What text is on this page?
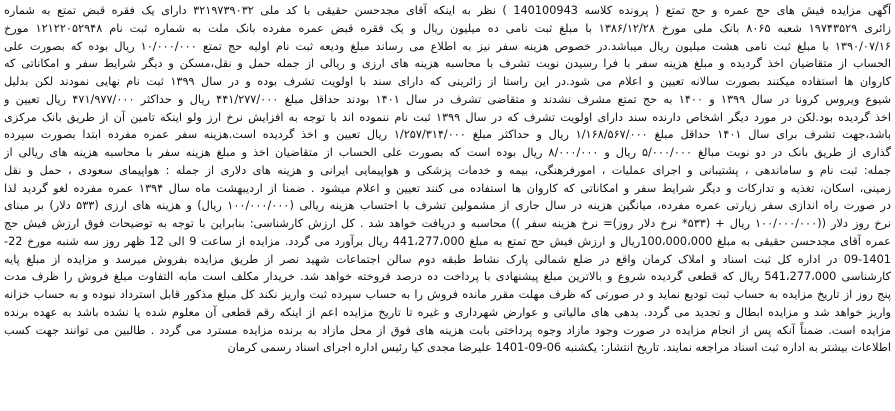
آگهی مزایده فیش های حج عمره و حج تمتع ( پرونده کلاسه 140100943 ) نظر به اینکه آقای مجدحسن حقیقی با کد ملی ۳۲۱۹۷۳۹۰۳۲ دارای یک فقره قبض تمتع به شماره
زائری ۱۹۷۴۳۵۲۹ شعبه ۸۰۶۵ بانک ملی مورخ ۱۳۸۶/۱۲/۲۸ با مبلغ ثبت نامی ده میلیون ریال و یک فقره قبض عمره مفرده بانک ملت به شماره ثبت نام ۱۲۱۲۲۰۵۲۹۴۸ مورخ
۱۳۹۰/۰۷/۱۶ با مبلغ ثبت نامی هشت میلیون ریال میباشد.در خصوص هزینه سفر نیز به اطلاع می رساند مبلغ ودیعه ثبت نام اولیه حج تمتع ۱۰/۰۰۰/۰۰۰ ریال بوده که بصورت علی
الحساب از متقاضیان اخذ گردیده و مبلغ هزینه سفر با فرا رسیدن نوبت تشرف با محاسبه هزینه های ارزی و ریالی از جمله حمل و نقل،مسکن و دیگر شرایط سفر و امکاناتی که
کاروان ها استفاده میکنند بصورت سالانه تعیین و اعلام می شود.در این راستا از زائرینی که دارای سند با اولویت تشرف بوده و در سال ۱۳۹۹ ثبت نام نهایی نمودند لکن بدلیل
شیوع ویروس کرونا در سال ۱۳۹۹ و ۱۴۰۰ به حج تمتع مشرف نشدند و متقاضی تشرف در سال ۱۴۰۱ بودند حداقل مبلغ ۴۴۱/۲۷۷/۰۰۰ ریال و حداکثر ۴۷۱/۹۷۷/۰۰۰ ریال تعیین و
اخذ گردیده بود.لکن در مورد دیگر اشخاص دارنده سند دارای اولویت تشرف که در سال ۱۳۹۹ ثبت نام ننموده اند با توجه به افزایش نرخ ارز ولو اینکه تامین آن از طریق بانک مرکزی
باشد،جهت تشرف برای سال ۱۴۰۱ حداقل مبلغ ۱/۱۶۸/۵۶۷/۰۰۰ ریال و حداکثر مبلغ ۱/۲۵۷/۳۱۴/۰۰۰ ریال تعیین و اخذ گردیده است.هزینه سفر عمره مفرده ابتدا بصورت سپرده
گذاری از طریق بانک در دو نوبت مبالغ ۵/۰۰۰/۰۰۰ ریال و ۸/۰۰۰/۰۰۰ ریال بوده است که بصورت علی الحساب از متقاضیان اخذ و مبلغ هزینه سفر با محاسبه هزینه های ریالی از
جمله: ثبت نام و ساماندهی ، پشتیبانی و اجرای عملیات ، امورفرهنگی، بیمه و خدمات پزشکی و هواپیمایی ایرانی و هزینه های دلاری از جمله : هواپیمای سعودی ، حمل و نقل
زمینی، اسکان، تغذیه و تدارکات و دیگر شرایط سفر و امکاناتی که کاروان ها استفاده می کنند تعیین و اعلام میشود . ضمنا از اردیبهشت ماه سال ۱۳۹۴ عمره مفرده لغو گردید لذا
در صورت راه اندازی سفر زیارتی عمره مفرده، میانگین هزینه در سال جاری از مشمولین تشرف با احتساب هزینه ریالی (۱۰۰/۰۰۰/۰۰۰ ریال) و هزینه های ارزی (۵۳۳ دلار) بر مبنای
نرخ روز دلار ((۱۰۰/۰۰۰/۰۰۰ ریال + (۵۳۳* نرخ دلار روز)= نرخ هزینه سفر )) محاسبه و دریافت خواهد شد . کل ارزش کارشناسی: بنابراین با توجه به توضیحات فوق ارزش فیش حج
عمره آقای مجدحسن حقیقی به مبلغ 100،000،000ریال و ارزش فیش حج تمتع به مبلغ 441،277،000 ریال برآورد می گردد. مزایده از ساعت 9 الی 12 ظهر روز سه شنبه مورخ 22-
09-1401 در اداره کل ثبت اسناد و املاک کرمان واقع در ضلع شمالی پارک نشاط طبقه دوم سالن اجتماعات شهید نصر از طریق مزایده بفروش میرسد و مزایده از مبلغ پایه
کارشناسی 541،277،000 ریال که قطعی گردیده شروع و بالاترین مبلغ پیشنهادی با پرداخت ده درصد فروخته خواهد شد. خریدار مکلف است مابه التفاوت مبلغ فروش را ظرف مدت
پنج روز از تاریخ مزایده به حساب ثبت تودیع نماید و در صورتی که ظرف مهلت مقرر مانده فروش را به حساب سپرده ثبت واریز نکند کل مبلغ مذکور قابل استرداد نبوده و به حساب خزانه
واریز خواهد شد و مزایده ابطال و تجدید می گردد. بدهی های مالیاتی و عوارض شهرداری و غیره تا تاریخ مزایده اعم از اینکه رقم قطعی آن معلوم شده یا نشده باشد به عهده برنده
مزایده است. ضمناً آنکه پس از انجام مزایده در صورت وجود مازاد وجوه پرداختی بابت هزینه های فوق از محل مازاد به برنده مزایده مسترد می گردد . طالبین می توانند جهت کسب
اطلاعات بیشتر به اداره ثبت اسناد مراجعه نمایند. تاریخ انتشار: یکشنبه 06-09-1401 علیرضا مجدی کیا رئیس اداره اجرای اسناد رسمی کرمان
